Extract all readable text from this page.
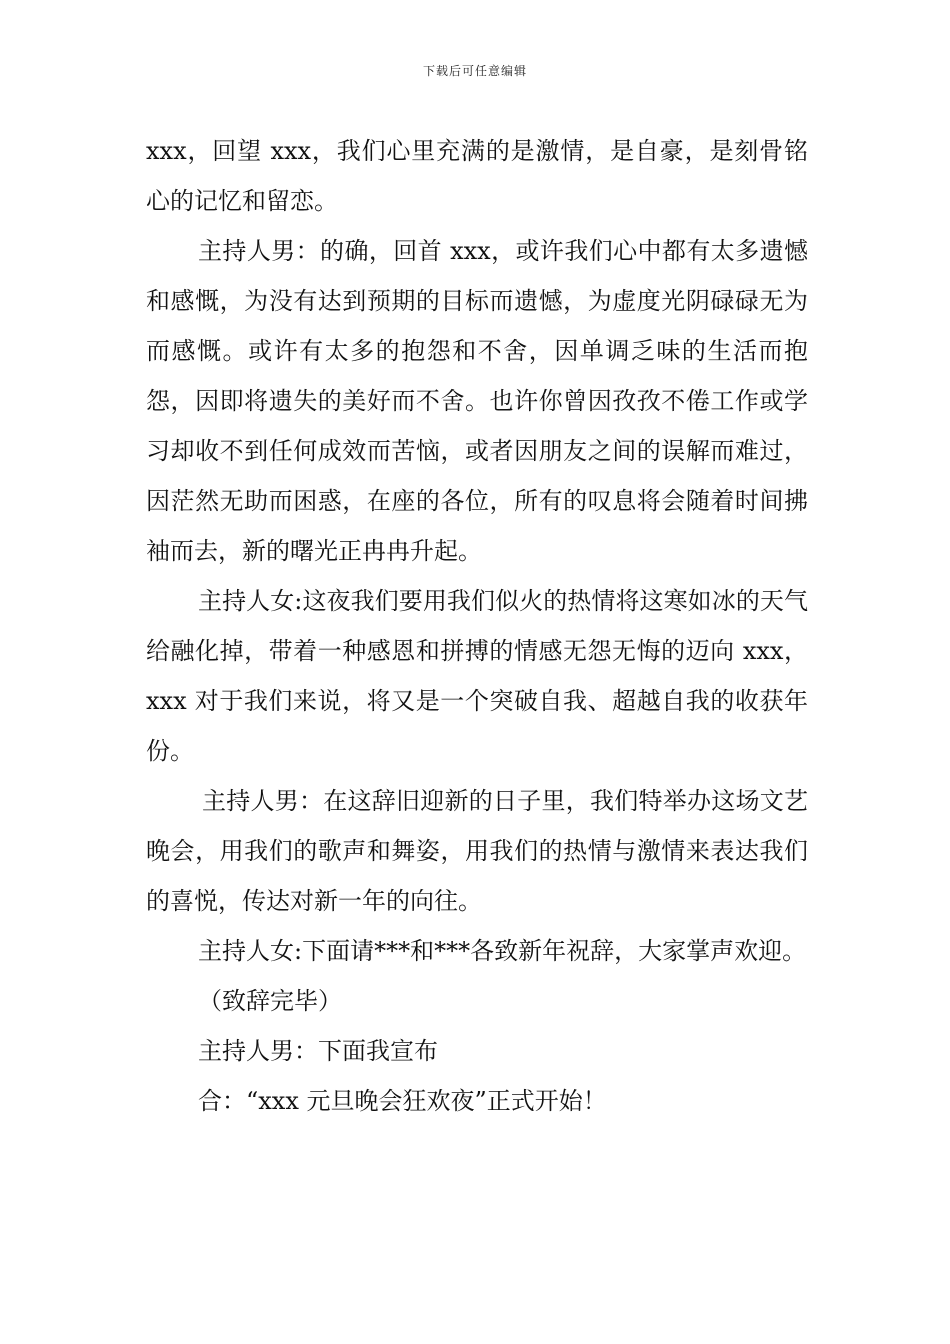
下载后可任意编辑

xxx，回望 xxx，我们心里充满的是激情，是自豪，是刻骨铭心的记忆和留恋。

主持人男：的确，回首 xxx，或许我们心中都有太多遗憾和感慨，为没有达到预期的目标而遗憾，为虚度光阴碌碌无为而感慨。或许有太多的抱怨和不舍，因单调乏味的生活而抱怨，因即将遗失的美好而不舍。也许你曾因孜孜不倦工作或学习却收不到任何成效而苦恼，或者因朋友之间的误解而难过，因茫然无助而困惑，在座的各位，所有的叹息将会随着时间拂袖而去，新的曙光正冉冉升起。

主持人女:这夜我们要用我们似火的热情将这寒如冰的天气给融化掉，带着一种感恩和拼搏的情感无怨无悔的迈向 xxx，xxx 对于我们来说，将又是一个突破自我、超越自我的收获年份。

主持人男：在这辞旧迎新的日子里，我们特举办这场文艺晚会，用我们的歌声和舞姿，用我们的热情与激情来表达我们的喜悦，传达对新一年的向往。

主持人女:下面请***和***各致新年祝辞，大家掌声欢迎。

（致辞完毕）

主持人男：下面我宣布

合：“xxx 元旦晚会狂欢夜”正式开始！
